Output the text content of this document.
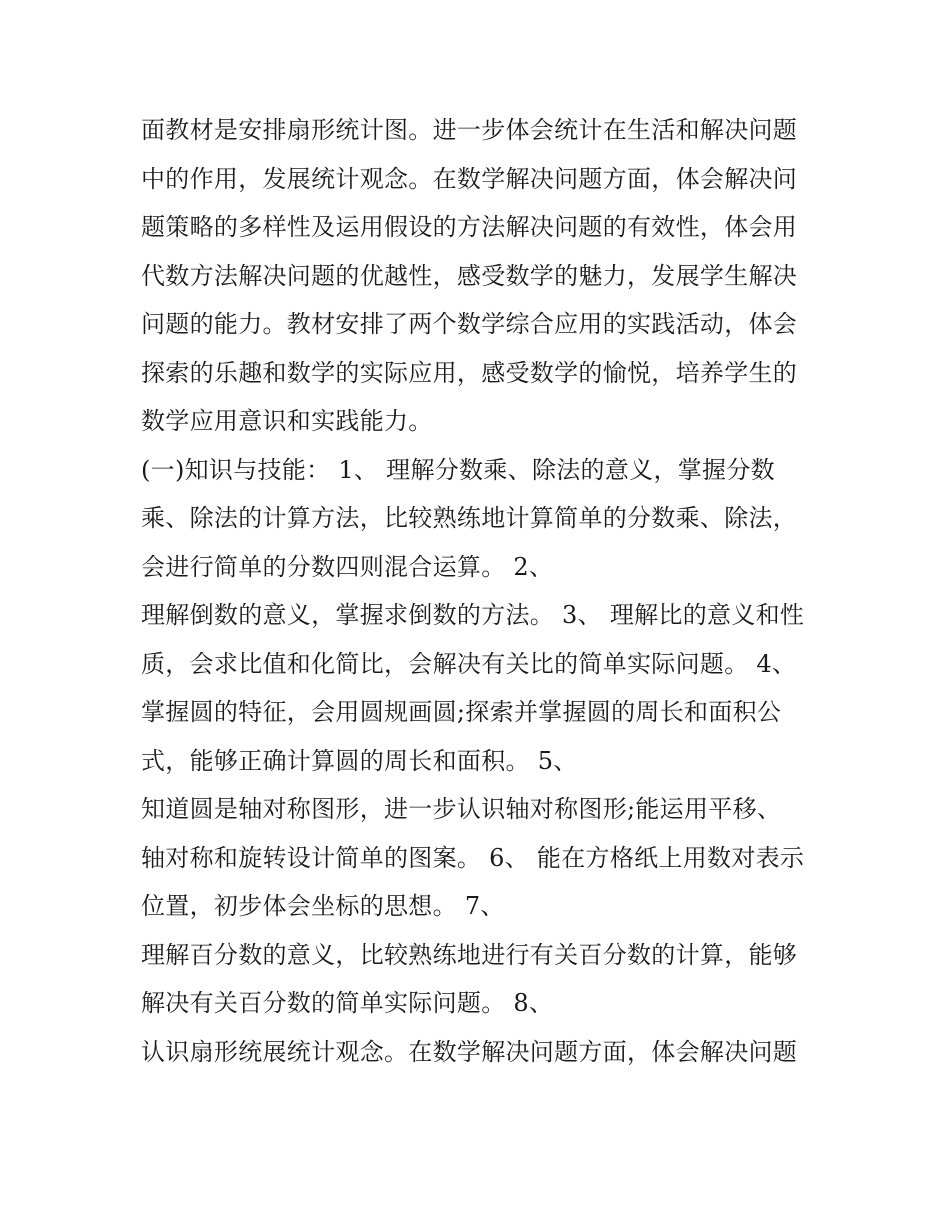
面教材是安排扇形统计图。进一步体会统计在生活和解决问题
中的作用，发展统计观念。在数学解决问题方面，体会解决问
题策略的多样性及运用假设的方法解决问题的有效性，体会用
代数方法解决问题的优越性，感受数学的魅力，发展学生解决
问题的能力。教材安排了两个数学综合应用的实践活动，体会
探索的乐趣和数学的实际应用，感受数学的愉悦，培养学生的
数学应用意识和实践能力。
(一)知识与技能： 1、 理解分数乘、除法的意义，掌握分数
乘、除法的计算方法，比较熟练地计算简单的分数乘、除法，
会进行简单的分数四则混合运算。 2、
理解倒数的意义，掌握求倒数的方法。 3、 理解比的意义和性
质，会求比值和化简比，会解决有关比的简单实际问题。 4、
掌握圆的特征，会用圆规画圆;探索并掌握圆的周长和面积公
式，能够正确计算圆的周长和面积。 5、
知道圆是轴对称图形，进一步认识轴对称图形;能运用平移、
轴对称和旋转设计简单的图案。 6、 能在方格纸上用数对表示
位置，初步体会坐标的思想。 7、
理解百分数的意义，比较熟练地进行有关百分数的计算，能够
解决有关百分数的简单实际问题。 8、
认识扇形统展统计观念。在数学解决问题方面，体会解决问题
